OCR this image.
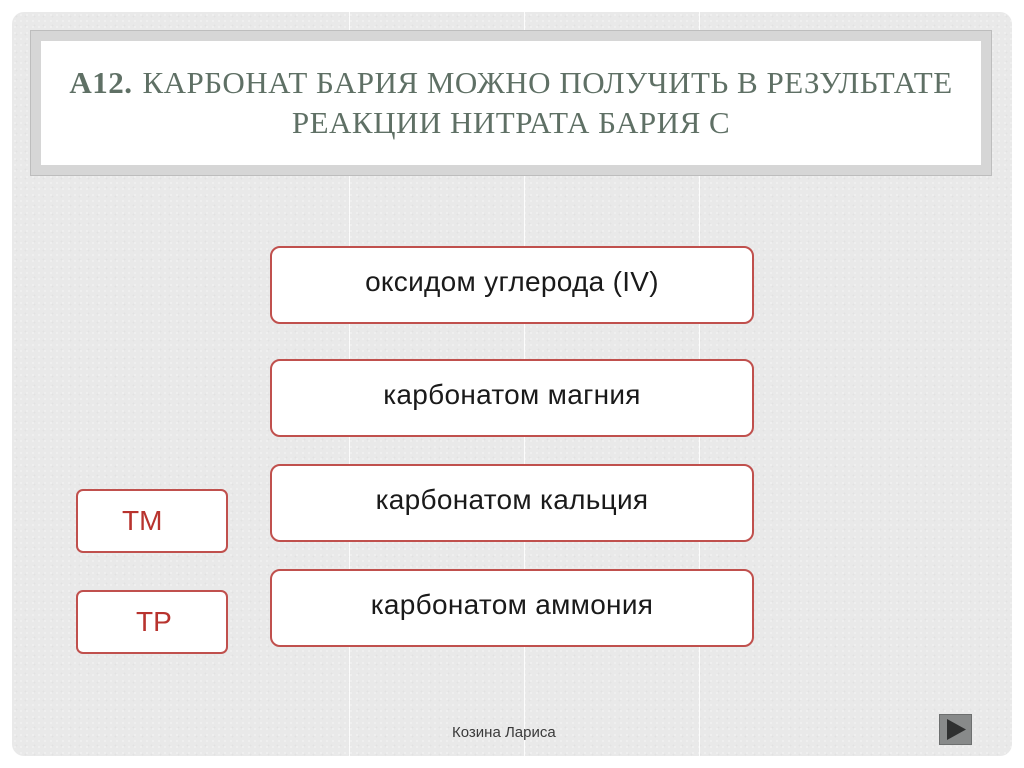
А12. КАРБОНАТ БАРИЯ МОЖНО ПОЛУЧИТЬ В РЕЗУЛЬТАТЕ РЕАКЦИИ НИТРАТА БАРИЯ С
оксидом углерода (IV)
карбонатом магния
карбонатом кальция
карбонатом аммония
ТМ
ТР
Козина Лариса
